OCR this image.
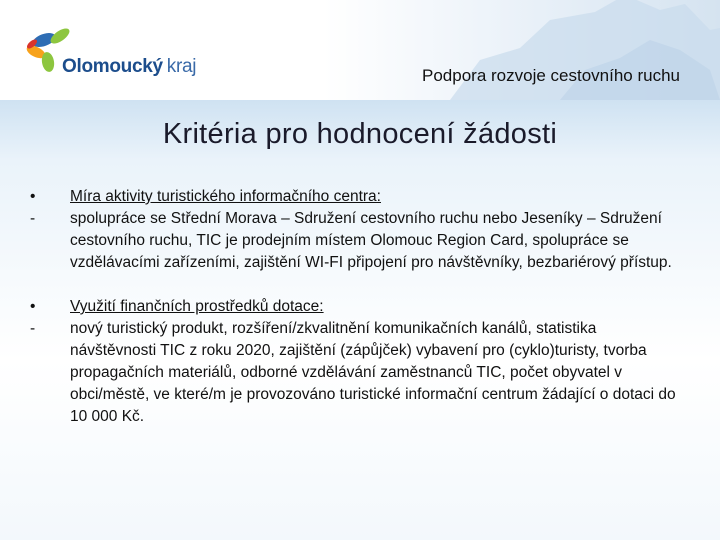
Olomoucký kraj	Podpora rozvoje cestovního ruchu
Kritéria pro hodnocení žádosti
•	Míra aktivity turistického informačního centra:
-	spolupráce se Střední Morava – Sdružení cestovního ruchu nebo Jeseníky – Sdružení cestovního ruchu, TIC je prodejním místem Olomouc Region Card, spolupráce se vzdělávacími zařízeními, zajištění WI-FI připojení pro návštěvníky, bezbariérový přístup.
•	Využití finančních prostředků dotace:
-	nový turistický produkt, rozšíření/zkvalitnění komunikačních kanálů, statistika návštěvnosti TIC z roku 2020, zajištění (zápůjček) vybavení pro (cyklo)turisty, tvorba propagačních materiálů, odborné vzdělávání zaměstnanců TIC, počet obyvatel v obci/městě, ve které/m je provozováno turistické informační centrum žádající o dotaci do 10 000 Kč.
